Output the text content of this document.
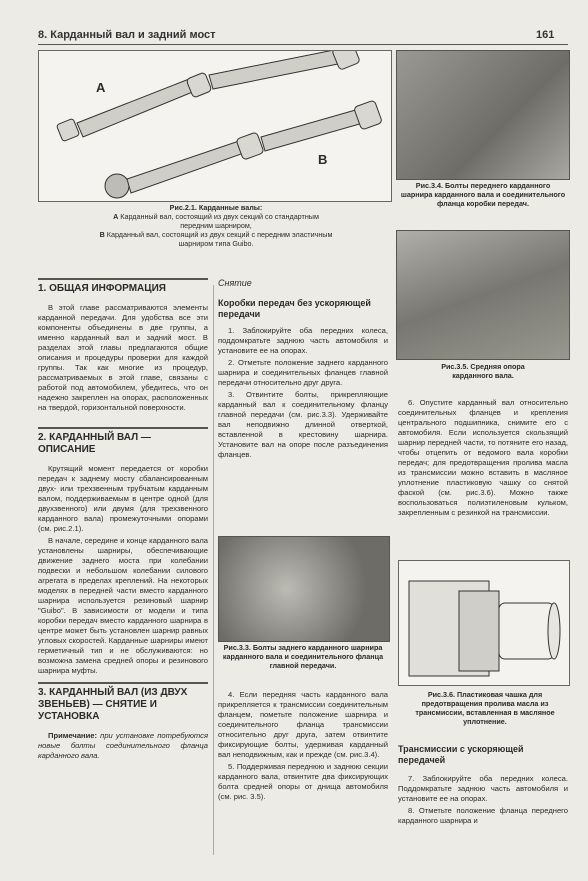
8. Карданный вал и задний мост	161
A
B
Рис.2.1. Карданные валы:
A Карданный вал, состоящий из двух секций со стандартным передним шарниром,
B Карданный вал, состоящий из двух секций с передним эластичным шарниром типа Guibo.
Рис.3.4. Болты переднего карданного шарнира карданного вала и соединительного фланца коробки передач.
Рис.3.5. Средняя опора карданного вала.
1. ОБЩАЯ ИНФОРМАЦИЯ

В этой главе рассматриваются элементы карданной передачи. Для удобства все эти компоненты объединены в две группы, а именно карданный вал и задний мост. В разделах этой главы предлагаются общие описания и процедуры проверки для каждой группы. Так как многие из процедур, рассматриваемых в этой главе, связаны с работой под автомобилем, убедитесь, что он надежно закреплен на опорах, расположенных на твердой, горизонтальной поверхности.

2. КАРДАННЫЙ ВАЛ — ОПИСАНИЕ

Крутящий момент передается от коробки передач к заднему мосту сбалансированным двух- или трехзвенным трубчатым карданным валом, поддерживаемым в центре одной (для двухзвенного) или двумя (для трехзвенного карданного вала) промежуточными опорами (см. рис.2.1).

В начале, середине и конце карданного вала установлены шарниры, обеспечивающие движение заднего моста при колебании подвески и небольшом колебании силового агрегата в пределах креплений. На некоторых моделях в передней части вместо карданного шарнира используется резиновый шарнир "Guibo". В зависимости от модели и типа коробки передач вместо карданного шарнира в центре может быть установлен шарнир равных угловых скоростей. Карданные шарниры имеют герметичный тип и не обслуживаются: но возможна замена средней опоры и резинового шарнира муфты.

3. КАРДАННЫЙ ВАЛ (ИЗ ДВУХ ЗВЕНЬЕВ) — СНЯТИЕ И УСТАНОВКА
Примечание: при установке потребуются новые болты соединительного фланца карданного вала.
Снятие
Коробки передач без ускоряющей передачи

1. Заблокируйте оба передних колеса, поддомкратьте заднюю часть автомобиля и установите ее на опорах.

2. Отметьте положение заднего карданного шарнира и соединительных фланцев главной передачи относительно друг друга.

3. Отвинтите болты, прикрепляющие карданный вал к соединительному фланцу главной передачи (см. рис.3.3). Удерживайте вал неподвижно длинной отверткой, вставленной в крестовину шарнира. Установите вал на опоре после разъединения фланцев.

Рис.3.3. Болты заднего карданного шарнира карданного вала и соединительного фланца главной передачи.

4. Если передняя часть карданного вала прикрепляется к трансмиссии соединительным фланцем, пометьте положение шарнира и соединительного фланца трансмиссии относительно друг друга, затем отвинтите фиксирующие болты, удерживая карданный вал неподвижным, как и прежде (см. рис.3.4).

5. Поддерживая переднюю и заднюю секции карданного вала, отвинтите два фиксирующих болта средней опоры от днища автомобиля (см. рис. 3.5).

6. Опустите карданный вал относительно соединительных фланцев и крепления центрального подшипника, снимите его с автомобиля. Если используется скользящий шарнир передней части, то потяните его назад, чтобы отцепить от ведомого вала коробки передач; для предотвращения пролива масла из трансмиссии можно вставить в масляное уплотнение пластиковую чашку со снятой фаской (см. рис.3.6). Можно также воспользоваться полиэтиленовым кульком, закрепленным с резинкой на трансмиссии.
Рис.3.6. Пластиковая чашка для предотвращения пролива масла из трансмиссии, вставленная в масляное уплотнение.
Трансмиссии с ускоряющей передачей

7. Заблокируйте оба передних колеса. Поддомкратьте заднюю часть автомобиля и установите ее на опорах.

8. Отметьте положение фланца переднего карданного шарнира и
